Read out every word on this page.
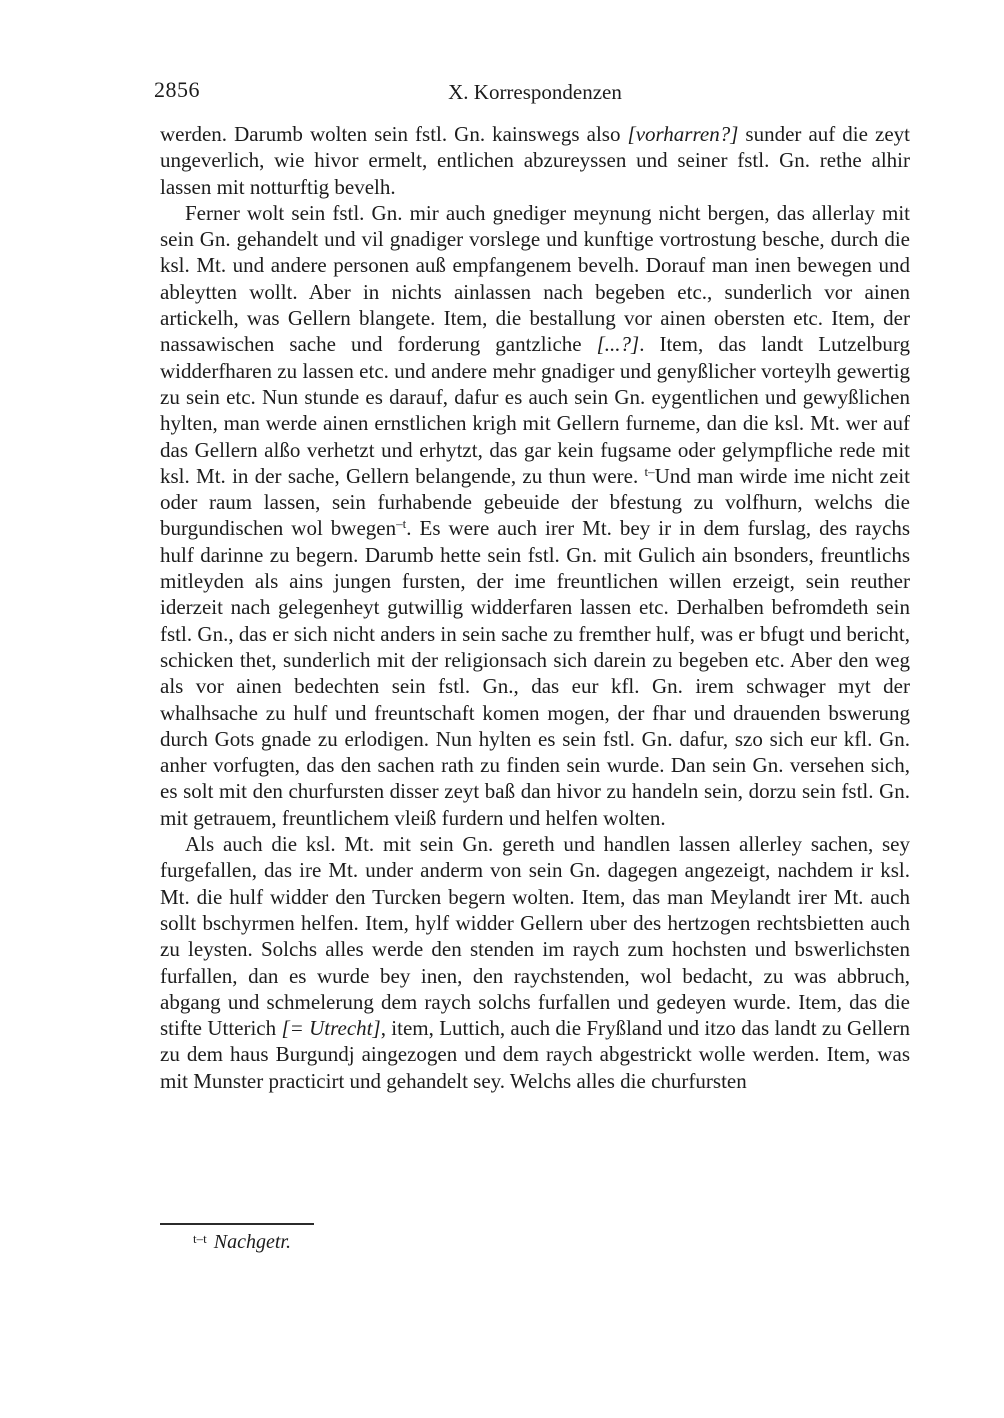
2856	X. Korrespondenzen

werden. Darumb wolten sein fstl. Gn. kainswegs also [vorharren?] sunder auf die zeyt ungeverlich, wie hivor ermelt, entlichen abzureyssen und seiner fstl. Gn. rethe alhir lassen mit notturftig bevelh.

Ferner wolt sein fstl. Gn. mir auch gnediger meynung nicht bergen, das allerlay mit sein Gn. gehandelt und vil gnadiger vorslege und kunftige vortrostung besche, durch die ksl. Mt. und andere personen auß empfangenem bevelh. Dorauf man inen bewegen und ableytten wollt. Aber in nichts ainlassen nach begeben etc., sunderlich vor ainen artickelh, was Gellern blangete. Item, die bestallung vor ainen obersten etc. Item, der nassawischen sache und forderung gantzliche [...?]. Item, das landt Lutzelburg widderfharen zu lassen etc. und andere mehr gnadiger und genyßlicher vorteylh gewertig zu sein etc. Nun stunde es darauf, dafur es auch sein Gn. eygentlichen und gewyßlichen hylten, man werde ainen ernstlichen krigh mit Gellern furneme, dan die ksl. Mt. wer auf das Gellern alßo verhetzt und erhytzt, das gar kein fugsame oder gelympfliche rede mit ksl. Mt. in der sache, Gellern belangende, zu thun were. $^{t-}$Und man wirde ime nicht zeit oder raum lassen, sein furhabende gebeuide der bfestung zu volfhurn, welchs die burgundischen wol bwegen$^{-t}$. Es were auch irer Mt. bey ir in dem furslag, des raychs hulf darinne zu begern. Darumb hette sein fstl. Gn. mit Gulich ain bsonders, freuntlichs mitleyden als ains jungen fursten, der ime freuntlichen willen erzeigt, sein reuther iderzeit nach gelegenheyt gutwillig widderfaren lassen etc. Derhalben befromdeth sein fstl. Gn., das er sich nicht anders in sein sache zu fremther hulf, was er bfugt und bericht, schicken thet, sunderlich mit der religionsach sich darein zu begeben etc. Aber den weg als vor ainen bedechten sein fstl. Gn., das eur kfl. Gn. irem schwager myt der whalhsache zu hulf und freuntschaft komen mogen, der fhar und drauenden bswerung durch Gots gnade zu erlodigen. Nun hylten es sein fstl. Gn. dafur, szo sich eur kfl. Gn. anher vorfugten, das den sachen rath zu finden sein wurde. Dan sein Gn. versehen sich, es solt mit den churfursten disser zeyt baß dan hivor zu handeln sein, dorzu sein fstl. Gn. mit getrauem, freuntlichem vleiß furdern und helfen wolten.

Als auch die ksl. Mt. mit sein Gn. gereth und handlen lassen allerley sachen, sey furgefallen, das ire Mt. under anderm von sein Gn. dagegen angezeigt, nachdem ir ksl. Mt. die hulf widder den Turcken begern wolten. Item, das man Meylandt irer Mt. auch sollt bschyrmen helfen. Item, hylf widder Gellern uber des hertzogen rechtsbietten auch zu leysten. Solchs alles werde den stenden im raych zum hochsten und bswerlichsten furfallen, dan es wurde bey inen, den raychstenden, wol bedacht, zu was abbruch, abgang und schmelerung dem raych solchs furfallen und gedeyen wurde. Item, das die stifte Utterich [= Utrecht], item, Luttich, auch die Fryßland und itzo das landt zu Gellern zu dem haus Burgundj aingezogen und dem raych abgestrickt wolle werden. Item, was mit Munster practicirt und gehandelt sey. Welchs alles die churfursten

$^{t-t}$ Nachgetr.
